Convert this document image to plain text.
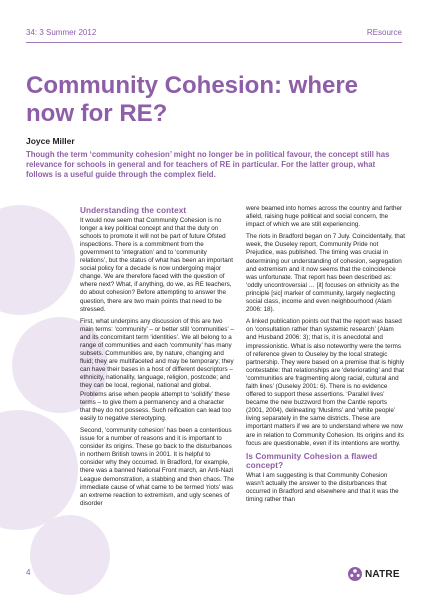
34: 3 Summer 2012	REsource
Community Cohesion: where now for RE?
Joyce Miller

Though the term ‘community cohesion’ might no longer be in political favour, the concept still has relevance for schools in general and for teachers of RE in particular. For the latter group, what follows is a useful guide through the complex field.

Understanding the context

It would now seem that Community Cohesion is no longer a key political concept and that the duty on schools to promote it will not be part of future Ofsted inspections. There is a commitment from the government to ‘integration’ and to ‘community relations’, but the status of what has been an important social policy for a decade is now undergoing major change. We are therefore faced with the question of where next? What, if anything, do we, as RE teachers, do about cohesion? Before attempting to answer the question, there are two main points that need to be stressed.

First, what underpins any discussion of this are two main terms: ‘community’ – or better still ‘communities’ – and its concomitant term ‘identities’. We all belong to a range of communities and each ‘community’ has many subsets. Communities are, by nature, changing and fluid; they are multifaceted and may be temporary; they can have their bases in a host of different descriptors – ethnicity, nationality, language, religion, postcode; and they can be local, regional, national and global. Problems arise when people attempt to ‘solidify’ these terms – to give them a permanency and a character that they do not possess. Such reification can lead too easily to negative stereotyping.

Second, ‘community cohesion’ has been a contentious issue for a number of reasons and it is important to consider its origins. These go back to the disturbances in northern British towns in 2001. It is helpful to consider why they occurred. In Bradford, for example, there was a banned National Front march, an Anti-Nazi League demonstration, a stabbing and then chaos. The immediate cause of what came to be termed ‘riots’ was an extreme reaction to extremism, and ugly scenes of disorder

were beamed into homes across the country and farther afield, raising huge political and social concern, the impact of which we are still experiencing.

The riots in Bradford began on 7 July. Coincidentally, that week, the Ouseley report, Community Pride not Prejudice, was published. The timing was crucial in determining our understanding of cohesion, segregation and extremism and it now seems that the coincidence was unfortunate. That report has been described as: ‘oddly uncontroversial … [it] focuses on ethnicity as the principle [sic] marker of community, largely neglecting social class, income and even neighbourhood (Alam 2006: 18).

A linked publication points out that the report was based on ‘consultation rather than systemic research’ (Alam and Husband 2006: 3); that is, it is anecdotal and impressionistic. What is also noteworthy were the terms of reference given to Ouseley by the local strategic partnership. They were based on a premise that is highly contestable: that relationships are ‘deteriorating’ and that ‘communities are fragmenting along racial, cultural and faith lines’ (Ouseley 2001: 6). There is no evidence offered to support these assertions. ‘Parallel lives’ became the new buzzword from the Cantle reports (2001, 2004), delineating ‘Muslims’ and ‘white people’ living separately in the same districts. These are important matters if we are to understand where we now are in relation to Community Cohesion. Its origins and its focus are questionable, even if its intentions are worthy.

Is Community Cohesion a flawed concept?

What I am suggesting is that Community Cohesion wasn’t actually the answer to the disturbances that occurred in Bradford and elsewhere and that it was the timing rather than

4	NATRE
